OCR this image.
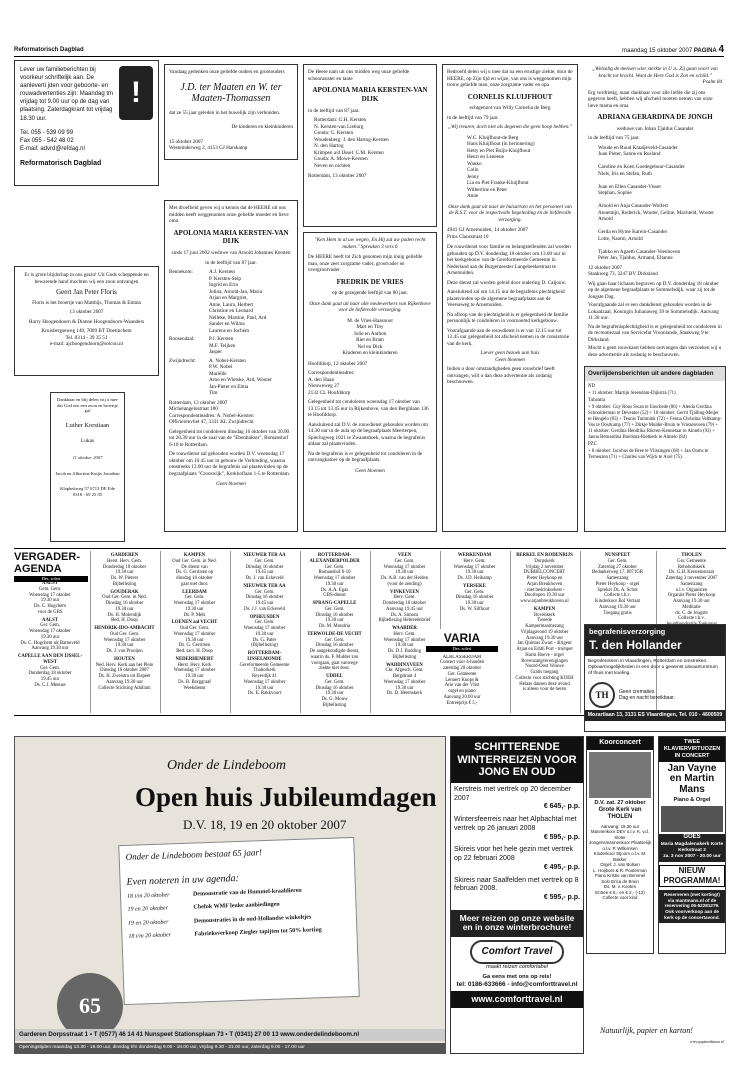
Reformatorisch Dagblad	maandag 15 oktober 2007 PAGINA 4
Lever uw familieberichten bij voorkeur schriftelijk aan. De aanleverti jden voor geboorte- en rouwadvertenties zijn: Maandag tm vrijdag tot 9.00 uur op de dag van plaatsing. Zaterdagkrant tot vrijdag 18.30 uur.
!
Tel. 055 - 539 09 99
Fax 055 - 542 48 02
E-mail: advrd@refdag.nl
Reformatorisch Dagblad
Er is grote blijdschap in ons gezin! Uit Gods scheppende en bewarende hand mochten wij een zoon ontvangen
Geert Jan Peter Floris
Floris is het broertje van Matthijs, Thomas & Emma
13 oktober 2007
Harry Hoogendoorn & Dianne Hoogendoorn-Waanders
Kruisbergseweg 140, 7009 BT Doetinchem
Tel. 0314 - 39 35 51
e-mail: ajchoogendoorn@solcon.nl
Dankbaar en blij delen wij u mee dat God ons een zoon en broertje gaf
Luther Korstiaan
Lukas
11 oktober 2007
Jacob en Albertine Kuijts Jonathan
Klaphekweg 57 6713 DE Ede 0318 - 69 25 05
Vandaag gedenken onze geliefde ouders en grootouders
J.D. ter Maaten en W. ter Maaten-Thomassen
dat ze 55 jaar geleden in het huwelijk zijn verbonden.
De kinderen en kleinkinderen
15 oktober 2007
Westeinderweg 2, 4153 GJ Harskamp
Met droefheid geven wij u kennis dat de HEERE uit ons midden heeft weggenomen onze geliefde moeder en lieve oma
APOLONIA MARIA KERSTEN-VAN DIJK
sinds 17 juni 2002 weduwe van Arnold Johannes Kersten
in de leeftijd van 87 jaar.
Bennekom:	A.J. Kersten
P. Kersten-Seip
Ingrid en Erin
Jolina, Arnold-Jan, Maria
Arjan en Margriet,
Anne, Laura, Herbert
Christine en Leonard
Nelleke, Martine, Paul, Ard
Sander en Wilma
Laurens en Jochem
Roosendaal:	P.J. Kersten
M.F. Teijken
Jasper
Zwijndrecht:	A. Nobel-Kersten
P.W. Nobel
Mariëlle
Arno en Wietske, Ard, Wouter
Jan-Pieter en Elma
Tim
Rotterdam, 13 oktober 2007
Michelangelostraat 180
Correspondentieadres: A. Nobel-Kersten
Officierenvliet 47, 3331 KL Zwijndrecht
Gelegenheid tot condoleren dinsdag 16 oktober van 20.00 tot 20.30 uur in de zaal van de "Ebenhaëzer", Romanshof 6-10 te Rotterdam.
De rouwdienst zal gehouden worden D.V. woensdag 17 oktober om 10.45 uur in gebouw de Verbinding, waarna omstreeks 13.00 uur de begrafenis zal plaatsvinden op de begraafplaats "Crooswijk", Kerkhoflaan 1-5 te Rotterdam.
Geen bloemen
De Heere nam uit ons midden weg onze geliefde schoonzuster en tante
APOLONIA MARIA KERSTEN-VAN DIJK
in de leeftijd van 87 jaar.
Rotterdam: G.H. Kersten
N. Kersten-van Lieburg
Gouda: G. Kersten
Woudenberg: J. den Hartog-Kersten
N. den Hartog
Krimpen a/d IJssel: C.M. Kersten
Gouda: A. Mowe-Kersten
Neven en nichten
Rotterdam, 13 oktober 2007
"Ken Hem in al uw wegen, En Hij zal uw paden recht maken." Spreuken 3 vers 6
De HEERE heeft tot Zich genomen mijn innig geliefde man, onze zeer zorgzame vader, grootvader en overgrootvader
FREDRIK DE VRIES
op de gezegende leeftijd van 80 jaar.
Onze dank gaat uit naar alle medewerkers van Rijkenhove voor de liefdevolle verzorging.
M. de Vries-Haasnoot
Mart en Tiny
Jolie en Anthon
Riet en Bram
Nel en Dick
Kinderen en kleinkinderen
Hoofddorp, 12 oktober 2007
Correspondentieadres:
A. den Haan
Nieuweweg 27
2132 CL Hoofddorp
Gelegenheid tot condoleren woensdag 17 oktober van 13.15 tot 13.45 uur in Rijkenhove, van den Berghlaan 136 te Hoofddorp.
Aansluitend zal D.V. de rouwdienst gehouden worden om 14.30 uur in de aula op de begraafplaats Meerterpen, Spieringweg 1021 te Zwaanshoek, waarna de begrafenis aldaar zal plaatsvinden.
Na de begrafenis is er gelegenheid tot condoleren in de ontvangkamer op de begraafplaats.
Geen bloemen
Bedroefd delen wij u mee dat na een ernstige ziekte, door de HEERE, op Zijn tijd en wijze, van ons is weggenomen mijn trouw geliefde man, onze zorgzame vader en opa
CORNELIS KLUIJFHOUT
echtgenoot van Willy Cornelia de Berg
in de leeftijd van 79 jaar.
„Wij treuren, doch niet als degenen die geen hoop hebben."
W.C. Kluijfhout-de Berg
Hans Kluijfhout (in herinnering)
Hetty en Piet Buijn-Kluijfhout
Henri en Leneene
Wanko
Colin
Jenny
Lia en Piet Franke-Kluijfhout
Wilbertine en Peter
Anne
Onze dank gaat uit naar de huisartsen en het personeel van de R.S.T. voor de respectvolle begeleiding en de liefdevolle verzorging.
4941 GJ Arnemuiden, 14 oktober 2007
Prins Clausstraat 10
De rouwdienst voor familie en belangstellenden zal worden gehouden op D.V. donderdag 18 oktober om 13.00 uur in het kerkgebouw van de Gereformeerde Gemeente in Nederland aan de Burgemeester Langebeekestraat te Arnemuiden.
Deze dienst zal worden geleid door oudering D. Caljouw.
Aansluitend zal om 14.15 uur de begrafenis plechtigheid plaatsvinden op de algemene begraafplaats aan de Veerseweg te Arnemuiden.
Na afloop van de plechtigheid is er gelegenheid de familie persoonlijk te condoleren in voornoemd kerkgebouw.
Voorafgaande aan de rouwdienst is er van 12.15 uur tot 12.45 uur gelegenheid tot afscheid nemen in de consistorie van de kerk.
Liever geen bezoek aan huis
Geen bloemen
Indien u door omstandigheden geen rouwbrief heeft ontvangen, wilt u dan deze advertentie als zodanig beschouwen.
„Welzalig de mensen wier sterkte in U is. Zij gaan voort van kracht tot kracht. Want de Here God is Zon en schild."
Psalm 84
Erg verdrietig, maar dankbaar voor alle liefde die zij ons gegeven heeft, hebben wij afscheid moeten nemen van onze lieve mama en oma
ADRIANA GERARDINA DE JONGH
weduwe van Johan Tjaldus Casander
in de leeftijd van 75 jaar.
Woude en Ruud Kraaijeveld-Casander
Juan Pieter, Sanne en Rosland

Caroline en Koen Goedegebuur-Casander
Niels, Iris en Stefan, Ruth

Juan en Ellen Casander-Visser
Stephan, Sophie

Arnold en Anja Casander-Wolfert
Annemijn, Roderick, Wouter, Geline, Machteld, Wouter Arnold

Gerda en Hyme Karein-Casander
Lotte, Naomi, Arnold

Tjakko en Agaeth Casander-Veenhoven
Peter Jan, Tjaldus, Armand, Eltanne
12 oktober 2007
Staakweg 73, 3247 BV Dirksland
Wij gaan haar lichaam begraven op D.V. donderdag 18 oktober op de algemene begraafplaats te Sommelsdijk, waar zij tot de Jongste Dag.
Voorafgaande zal er een dankdienst gehouden worden in de Lokaalzaal, Koningin Julianaweg 39 te Sommelsdijk. Aanvang 11.30 uur.
Na de begrafenisplechtigheid is er gelegenheid tot condoleren in de recreatiezaal van Servicefat Vroonlande, Staakweg 9 te Dirksland.
Mocht u geen rouwkaart hebben ontvangen dan verzoeken wij u deze advertentie als zodanig te beschouwen.
Overlijdensberichten uit andere dagbladen
ND
+ 11 oktober: Martijn Steendam-Dijkstra (71).
Tubantia
+ 9 oktober: Guy Roos Swan te Enschede (86) + Aleida Gerdina Schoolderman te Deventer (52) + 10 oktober: Gerrit Tjalling-Meijer te Hengelo (83) + Teunis Tummink (72) + Fenna Christina Veltkamp-Vos te Oosrkamp (77) + Dirkje Mulder-Bruin te Vriezenveen (79) + 11 oktober: Gerdina Hendrika Rikven-Kennetaar te Almelo (93) + Janna Bernardina Boelsma-Rietkerk te Almelo (84)
PZC
+ 8 oktober: Jacobus de Bree te Vlissingen (68) + Jan Ooms te Terneuzen (71) + Charles van Wijck te Axel (75).
VERGADER-AGENDA
Des. soleri
AALST
Gem. Gem.
Woensdag 17 oktober
19.30 uur
Ds. C. Hogchem
voor de GBS
AALST
Ger. Gem.
Woensdag 17 oktober
19.30 uur
Ds. C. Hogchem uit Barneveld
Aanvang 19.30 uur
CAPELLE AAN DEN IJSSEL-WEST
Ger. Gem.
Donderdag 18 oktober
19.45 uur
Ds. C.J. Meeuse
GARDEREN
Herst. Herv. Gem.
Donderdag 18 oktober
19.30 uur
Ds. W. Pieters
Bijbellezing
GOUDERAK
Oud Ger. Gem. in Ned.
Dinsdag 16 oktober
19.30 uur
Ds. H. Molendijk
Bed. H. Doop
HENDRIK-IDO-AMBACHT
Oud Ger. Gem.
Woensdag 17 oktober
19.30 uur
Ds. J. van Prooijen
HOUTEN
Ned. Herv. Kerk aan het Plein
Dinsdag 16 oktober 2007
Ds. H. Zweistra uit Elspeet
Aanvang 19.30 uur
Collecte Stichting Adullam
KAMPEN
Oud Ger. Gem. in Ned.
De dienst van
Ds. G. Gerritsen op
dinsdag 16 oktober
gaat niet door.
LEERDAM
Ger. Gem.
Woensdag 17 oktober
19.30 uur
Ds. P. Mels
LOENEN aal VECHT
Oud Ger. Gem.
Woensdag 17 oktober
19.30 uur
Ds. G. Gerritsen
Bed. sacr. H. Doop
NEDERHEMERT
Herst. Herv. Kerk
Woensdag 17 oktober
19.30 uur
Ds. B. Borggraaf
Weekdienst
NIEUWER TER AA
Ger. Gem.
Dinsdag 16 oktober
19.45 uur
Ds. J. van Eckeveld
NIEUWER TER AA
Ger. Gem.
Dinsdag 16 oktober
19.45 uur
Ds. J.J. van Eckeveld
OPHEUSDEN
Ger. Gem.
Woensdag 17 oktober
19.30 uur
Ds. G. Pater
(Bijbellezing)
ROTTERDAM-IJSSELMONDE
Gereformeerde Gemeente
Thaborkerk
Reyerdijk 41
Woensdag 17 oktober
19.30 uur
Ds. E. Rakkvoort
ROTTERDAM-ALEXANDERPOLDER
Ger. Gem.
Romanshof 6-10
Woensdag 17 oktober
19.30 uur
Ds. A.A. Egas
GBS-dienst
SPRANG-CAPELLE
Ger. Gem.
Dinsdag 16 oktober
19.30 uur
Ds. M. Mondria
TERWOLDE-DE VECHT
Ger. Gem.
Dinsdag 16 oktober
De aangekondigde dienst,
waarin ds. F. Mulder zou
voorgaan, gaat vanwege
ziekte niet door.
UDDEL
Ger. Gem.
Dinsdag 16 oktober
19.30 uur
Ds. G. Mouw
Bijbellezing
VEEN
Ger. Gem.
Woensdag 17 oktober
19.30 uur
Ds. A.B. van der Heiden
(voor de zending)
VINKEVEEN
Herv. Gem.
Donderdag 18 oktober
Aanvang 19.45 uur
Ds. A. Simons
Bijbellezing Hebreeënbrief
WAARDER
Herv. Gem.
Woensdag 17 oktober
19.30 uur
Ds. D.J. Budding
Bijbellezing
WADDINXVEEN
Chr. Afgesch. Gem.
Bergstraat 4
Woensdag 17 oktober
19.30 uur
Ds. D. Heemskerk
WERKENDAM
Herv. Gem.
Woensdag 17 oktober
19.30 uur
Ds. J.D. Heikamp
YERSEKE
Ger. Gem.
Dinsdag 16 oktober
19.30 uur
Ds. W. Silfhout
BERKEL EN RODENRIJS
Dorpskerk
Vrijdag 2 november
DUBBELCONCERT
Pieter Heykoop en
Arjan Breukhoven
- met bedrinkorkest -
Doorlopen 19.30 uur
www.arjanbreukhoven.nl
KAMPEN
Bovenkerk
Tweede
Kampermanmezang
Vrijdagavond 19 oktober
Aanvang 19.30 uur
Jan Quintus Zwart - dirigent
Arjan en Edith Port - trompet
Harm Hoeve - orgel
Bovenzangverenigingen
Noord-Oost Veluwe
Gratis toegang
Collecte voor stichting KOEH
Helaas dansen deze avond
is alleen voor de heren
NUNSPEET
Ger. Gem.
Zaterdag 27 oktober
Bedankerweg 17, 8071GR
Samenzang
Pieter Heykoop - orgel
Spreker Ds. A. Schot
Collecte t.b.v.
Kinderkoor Bol Verlaat
Aanvang 19.30 uur
Toegang gratis
THOLEN
Ger. Gemeente
Rehobothkerk
Ds. G.H. Kersteinstraat
Zaterdag 3 november 2007
Samenzang
o.l.v. Organisten
Organist Pieter Heykoop
Aanvang 19.30 uur
Meditatie
ds. C. de Jongste
Collecte t.b.v.

VARIA
Des. soleri
ALBLASSERDAM
Concert voor 4-handen
zaterdag 20 oktober
Ger. Gemeente
Lennert Knops &
Arie van der Vlist
orgel en piano
Aanvang 20.00 uur
Entreeprijs € 5,-
begrafenisverzorging
T. den Hollander
Begrafenissen in Vlaardingen, Rotterdam en omstreken.
Opbaarmogelijkheden in een door u gewenst uitvaartcentrum of thuis met koeling.
TH	Geen crematies.
Dag en nacht bereikbaar.
Mozartlaan 13, 3131 ES Vlaardingen, Tel. 010 - 4600509
Onder de Lindeboom
Open huis Jubileumdagen
D.V. 18, 19 en 20 oktober 2007
Onder de Lindeboom bestaat 65 jaar!
Even noteren in uw agenda:
18 t/m 20 oktober	Demonstratie van de Hummel-kraaldieren
19 en 20 oktober	Chefok WMF leuke aanbiedingen
19 en 20 oktober	Demonstraties in de oud-Hollandse winkeltjes
18 t/m 20 oktober	Fabrieksverkoop Ziegler tapijten tot 50% korting
65
Garderen Dorpsstraat 1 • T (0577) 46 14 41 Nunspeet Stationsplaan 73 • T (0341) 27 00 13 www.onderdelindeboom.nl
Openingstijden maandag 13.30 - 18.00 uur, dinsdag t/m donderdag 9.00 - 18.00 uur, vrijdag 9.30 - 21.00 uur, zaterdag 9.00 - 17.00 uur
SCHITTERENDE WINTERREIZEN VOOR JONG EN OUD
Kerstreis met vertrek op 20 december 2007
€ 645,- p.p.
Wintersfeerreis naar het Alpbachtal met vertrek op 26 januari 2008
€ 595,- p.p.
Skireis voor het hele gezin met vertrek op 22 februari 2008
€ 495,- p.p.
Skireis naar Saalfelden met vertrek op 8 februari 2008.
€ 595,- p.p.
Meer reizen op onze website en in onze winterbrochure!
Comfort Travel
maakt reizen comfortabel
Ga eens met ons op reis!
tel: 0186-633666 - info@comforttravel.nl
www.comforttravel.nl
Koorconcert
D.V. zat. 27 oktober
Grote Kerk van THOLEN
Aanvang: 19.30 uur
Mannenkoor DEV o.l.v. K. v.d. Sloter
Jongensmannenkoor Plaatselijk o.l.v. P. Willemsen
Kinderkoor Stjoorn o.l.v. M. Bakker
Orgel: J. van Bolsen
L. Hoijboer & R. Pooterman
Piano Kristie van Bemmel
Solo Erica de Bruin
Ds. M. v. Kooten
Entree € 5,- en € 2,- (-12)
Collecte voor kind
TWEE KLAVIERVIRTUOZEN IN CONCERT
Jan Vayne en Martin Mans
Piano & Orgel
GOES
Maria Magdalenakerk Korte Kerkstraat 2
za. 3 nov 2007 - 20.00 uur
NIEUW PROGRAMMA!
Reserveren (met korting!) via mantmans.nl of de reservering 06-52281279. Ook voorverkoop aan de kerk op de concertavond.
Natuurlijk, papier en karton!
www.papierenkarton.nl
